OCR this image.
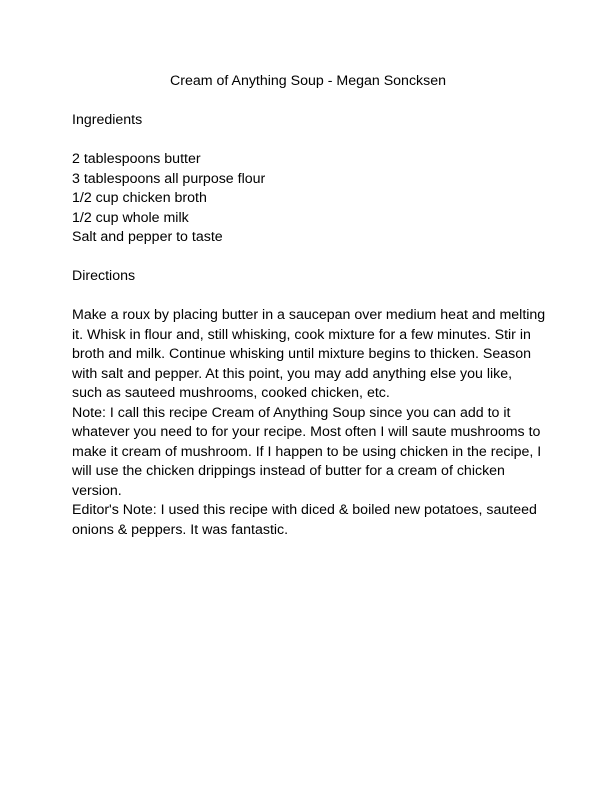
Cream of Anything Soup - Megan Soncksen

Ingredients

2 tablespoons butter

3 tablespoons all purpose flour

1/2 cup chicken broth

1/2 cup whole milk

Salt and pepper to taste

Directions

Make a roux by placing butter in a saucepan over medium heat and melting

it. Whisk in flour and, still whisking, cook mixture for a few minutes. Stir in

broth and milk. Continue whisking until mixture begins to thicken. Season

with salt and pepper. At this point, you may add anything else you like,

such as sauteed mushrooms, cooked chicken, etc.

Note: I call this recipe Cream of Anything Soup since you can add to it

whatever you need to for your recipe. Most often I will saute mushrooms to

make it cream of mushroom. If I happen to be using chicken in the recipe, I

will use the chicken drippings instead of butter for a cream of chicken

version.

Editor's Note: I used this recipe with diced & boiled new potatoes, sauteed

onions & peppers. It was fantastic.
